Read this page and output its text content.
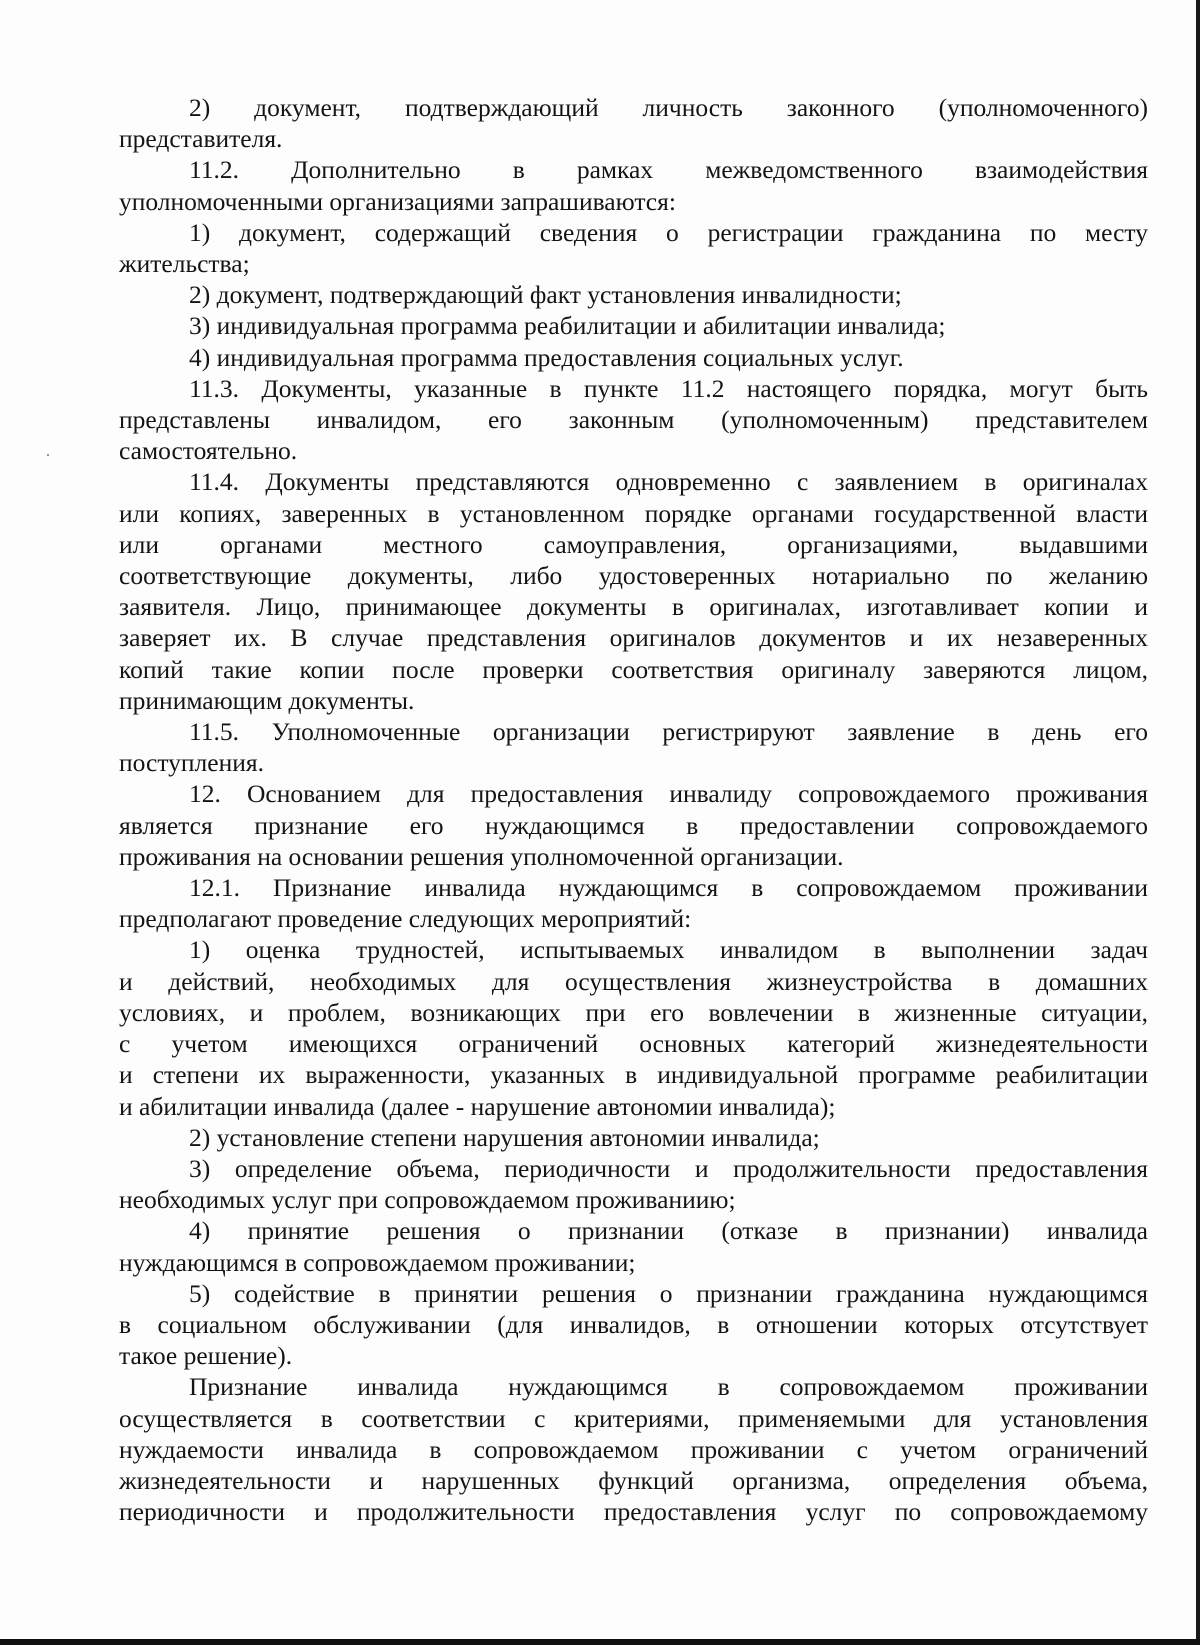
2) документ, подтверждающий личность законного (уполномоченного)

представителя.

11.2. Дополнительно в рамках межведомственного взаимодействия

уполномоченными организациями запрашиваются:

1) документ, содержащий сведения о регистрации гражданина по месту

жительства;

2) документ, подтверждающий факт установления инвалидности;

3) индивидуальная программа реабилитации и абилитации инвалида;

4) индивидуальная программа предоставления социальных услуг.

11.3. Документы, указанные в пункте 11.2 настоящего порядка, могут быть

представлены инвалидом, его законным (уполномоченным) представителем

самостоятельно.

11.4. Документы представляются одновременно с заявлением в оригиналах

или копиях, заверенных в установленном порядке органами государственной власти

или органами местного самоуправления, организациями, выдавшими

соответствующие документы, либо удостоверенных нотариально по желанию

заявителя. Лицо, принимающее документы в оригиналах, изготавливает копии и

заверяет их. В случае представления оригиналов документов и их незаверенных

копий такие копии после проверки соответствия оригиналу заверяются лицом,

принимающим документы.

11.5. Уполномоченные организации регистрируют заявление в день его

поступления.

12. Основанием для предоставления инвалиду сопровождаемого проживания

является признание его нуждающимся в предоставлении сопровождаемого

проживания на основании решения уполномоченной организации.

12.1. Признание инвалида нуждающимся в сопровождаемом проживании

предполагают проведение следующих мероприятий:

1) оценка трудностей, испытываемых инвалидом в выполнении задач

и действий, необходимых для осуществления жизнеустройства в домашних

условиях, и проблем, возникающих при его вовлечении в жизненные ситуации,

с учетом имеющихся ограничений основных категорий жизнедеятельности

и степени их выраженности, указанных в индивидуальной программе реабилитации

и абилитации инвалида (далее - нарушение автономии инвалида);

2) установление степени нарушения автономии инвалида;

3) определение объема, периодичности и продолжительности предоставления

необходимых услуг при сопровождаемом проживаниию;

4) принятие решения о признании (отказе в признании) инвалида

нуждающимся в сопровождаемом проживании;

5) содействие в принятии решения о признании гражданина нуждающимся

в социальном обслуживании (для инвалидов, в отношении которых отсутствует

такое решение).

Признание инвалида нуждающимся в сопровождаемом проживании

осуществляется в соответствии с критериями, применяемыми для установления

нуждаемости инвалида в сопровождаемом проживании с учетом ограничений

жизнедеятельности и нарушенных функций организма, определения объема,

периодичности и продолжительности предоставления услуг по сопровождаемому
